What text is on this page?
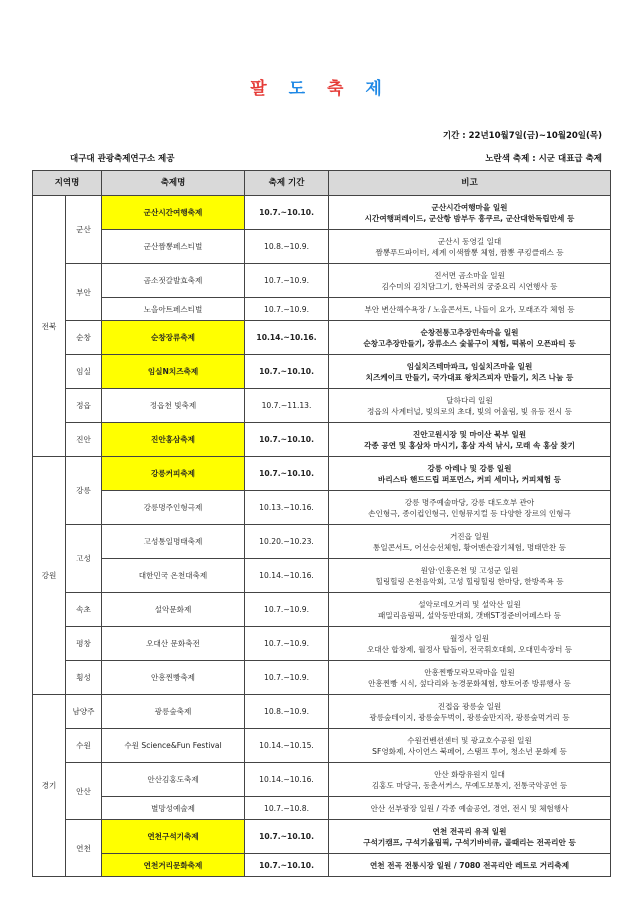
팔 도 축 제
기간 : 22년10월7일(금)~10월20일(목)
대구대 관광축제연구소 제공	노란색 축제 : 시군 대표급 축제
지역명		축제명	축제 기간	비고
전북	군산	군산시간여행축제	10.7.~10.10.	군산시간여행마을 일원
시간여행퍼레이드, 군산항 밤부두 흥쿠르, 군산대한독립만세 등

		군산짬뽕페스티벌	10.8.~10.9.	군산시 동영길 일대
짬뽕푸드파이터, 세계 이색짬뽕 체험, 짬뽕 쿠킹클래스 등

	부안	곰소젓갈발효축제	10.7.~10.9.	진서면 곰소마을 일원
김수미의 김치담그기, 한복러의 궁중요리 시연행사 등

		노을아트페스티벌	10.7.~10.9.	부안 변산해수욕장 / 노을콘서트, 나들이 요가, 모래조각 체험 등

	순창	순창장류축제	10.14.~10.16.	순창전통고추장민속마을 일원
순창고추장만들기, 장류소스 숯불구이 체험, 떡볶이 오픈파티 등

	임실	임실N치즈축제	10.7.~10.10.	임실치즈테마파크, 임실치즈마을 일원
치즈케이크 만들기, 국가대표 왕치즈피자 만들기, 치즈 나눔 등

	정읍	정읍천 빛축제	10.7.~11.13.	달하다리 일원
정읍의 사계터널, 빛의로의 초대, 빛의 어울림, 빛 유등 전시 등

	진안	진안홍삼축제	10.7.~10.10.	진안고원시장 및 마이산 북부 일원
각종 공연 및 홍삼차 마시기, 홍삼 자석 낚시, 모래 속 홍삼 찾기

강원	강릉	강릉커피축제	10.7.~10.10.	강릉 아레나 및 강릉 일원
바리스타 핸드드립 퍼포먼스, 커피 세미나, 커피체험 등

		강릉명주인형극제	10.13.~10.16.	강릉 명주예술마당, 강릉 대도호부 관아
손인형극, 종이컵인형극, 인형뮤지컬 등 다양한 장르의 인형극

	고성	고성통일명태축제	10.20.~10.23.	거진읍 일원
통일콘서트, 어선승선체험, 황어맨손잡기체험, 명태만찬 등

		대한민국 온천대축제	10.14.~10.16.	원암·인흥온천 및 고성군 일원
힐링힐링 온천음악회, 고성 힐링힐링 한마당, 한방족욕 등

	속초	설악문화제	10.7.~10.9.	설악로데오거리 및 설악산 일원
패밀리음림픽, 설악동반대회, 갯배ST정준비어페스타 등

	평창	오대산 문화축전	10.7.~10.9.	월정사 일원
오대산 합창제, 월정사 탑돌이, 전국휘호대회, 오대민속장터 등

	횡성	안흥찐빵축제	10.7.~10.9.	안흥찐빵모락모락마을 일원
안흥찐빵 시식, 섶다리와 농경문화체험, 향토어종 방류행사 등

경기	남양주	광릉숲축제	10.8.~10.9.	진접읍 광릉숲 일원
광릉숲테이지, 광릉숲두벅이, 광릉숲만지작, 광릉숲먹거리 등

	수원	수원 Science&Fun Festival	10.14.~10.15.	수원컨벤션센터 및 광교호수공원 일원
SF영화제, 사이언스 북페어, 스탬프 투어, 청소년 문화제 등

	안산	안산김홍도축제	10.14.~10.16.	안산 화랑유원지 일대
김홍도 마당극, 동춘서커스, 무예도보통지, 전통국악공연 등

		별망성예술제	10.7.~10.8.	안산 선부광장 일원 / 각종 예술공연, 경연, 전시 및 체험행사

	연천	연천구석기축제	10.7.~10.10.	연천 전곡리 유적 일원
구석기캠프, 구석기올림픽, 구석기바비큐, 골때리는 전곡리안 등

		연천거리문화축제	10.7.~10.10.	연천 전곡 전통시장 일원 / 7080 전곡리안 레트로 거리축제
